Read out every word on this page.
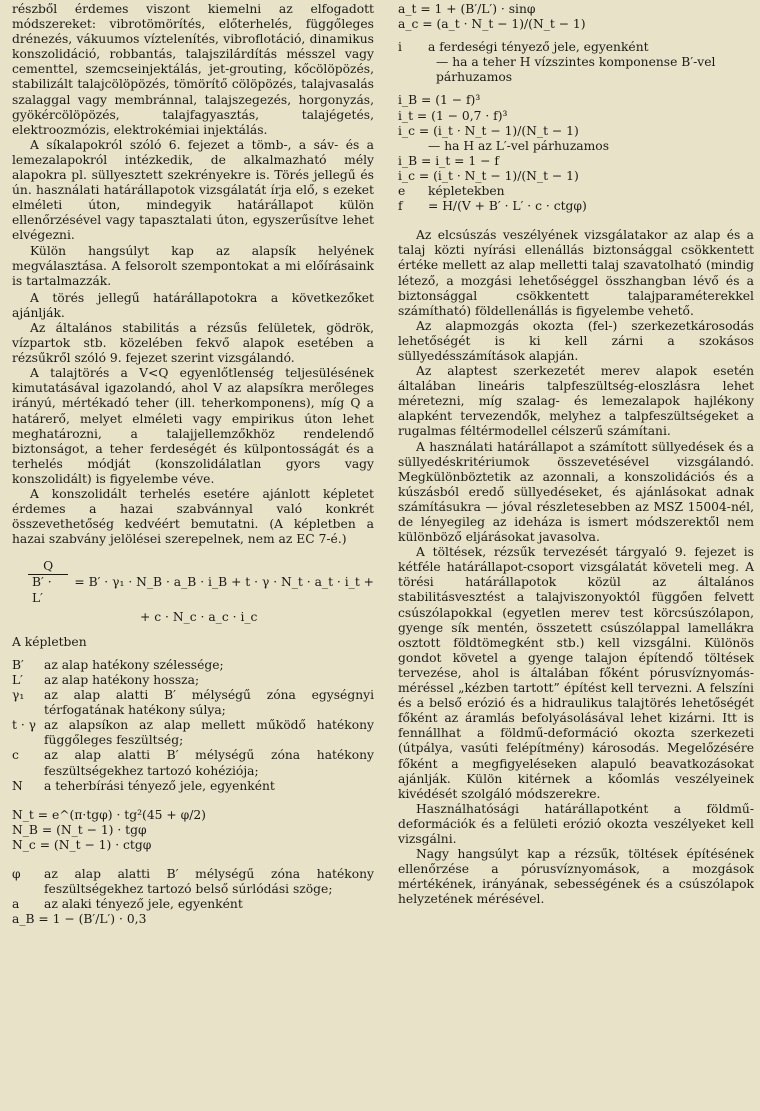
részből érdemes viszont kiemelni az elfogadott módszereket: vibrotömörítés, előterhelés, függőleges drénezés, vákuumos víztelenítés, vibroflotáció, dinamikus konszolidáció, robbantás, talajszilárdítás mésszel vagy cementtel, szemcseinjektálás, jet-grouting, kőcölöpözés, stabilizált talajcölöpözés, tömörítő cölöpözés, talajvasalás szalaggal vagy membránnal, talajszegezés, horgonyzás, gyökércölöpözés, talajfagyasztás, talajégetés, elektroozmózis, elektrokémiai injektálás.

A síkalapokról szóló 6. fejezet a tömb-, a sáv- és a lemezalapokról intézkedik, de alkalmazható mély alapokra pl. süllyesztett szekrényekre is. Törés jellegű és ún. használati határállapotok vizsgálatát írja elő, s ezeket elméleti úton, mindegyik határállapot külön ellenőrzésével vagy tapasztalati úton, egyszerűsítve lehet elvégezni.

Külön hangsúlyt kap az alapsík helyének megválasztása. A felsorolt szempontokat a mi előírásaink is tartalmazzák.

A törés jellegű határállapotokra a következőket ajánlják.

Az általános stabilitás a rézsűs felületek, gödrök, vízpartok stb. közelében fekvő alapok esetében a rézsűkről szóló 9. fejezet szerint vizsgálandó.

A talajtörés a V<Q egyenlőtlenség teljesülésének kimutatásával igazolandó, ahol V az alapsíkra merőleges irányú, mértékadó teher (ill. teherkomponens), míg Q a határerő, melyet elméleti vagy empirikus úton lehet meghatározni, a talajjellemzőkhöz rendelendő biztonságot, a teher ferdeségét és külpontosságát és a terhelés módját (konszolidálatlan gyors vagy konszolidált) is figyelembe véve.

A konszolidált terhelés esetére ajánlott képletet érdemes a hazai szabvánnyal való konkrét összevethetőség kedvéért bemutatni. (A képletben a hazai szabvány jelölései szerepelnek, nem az EC 7-é.)

$\frac{Q}{B' \cdot L'} = B' \cdot \gamma_1$ · N_B · a_B · i_B + t · γ · N_t · a_t · i_t +
+ c · N_c · a_c · i_c

A képletben

B′	az alap hatékony szélessége;
L′	az alap hatékony hossza;
γ₁	az alap alatti B′ mélységű zóna egységnyi térfogatának hatékony súlya;
t · γ az alapsíkon az alap mellett működő hatékony függőleges feszültség;
c	az alap alatti B′ mélységű zóna hatékony feszültségekhez tartozó kohéziója;
N	a teherbírási tényező jele, egyenként
N_t = e^(π·tgφ) · tg²(45 + φ/2)
N_B = (N_t − 1) · tgφ
N_c = (N_t − 1) · ctgφ
φ	az alap alatti B′ mélységű zóna hatékony feszültségekhez tartozó belső súrlódási szöge;
a	az alaki tényező jele, egyenként
a_B = 1 − (B′/L′) · 0,3
a_t = 1 + (B′/L′) · sinφ
a_c = (a_t · N_t − 1)/(N_t − 1)
i	a ferdeségi tényező jele, egyenként
— ha a teher H vízszintes komponense B′-vel párhuzamos
i_B = (1 − f)³
i_t = (1 − 0,7 · f)³
i_c = (i_t · N_t − 1)/(N_t − 1)
— ha H az L′-vel párhuzamos
i_B = i_t = 1 − f
i_c = (i_t · N_t − 1)/(N_t − 1)
e	képletekben
f	= H/(V + B′ · L′ · c · ctgφ)

Az elcsúszás veszélyének vizsgálatakor az alap és a talaj közti nyírási ellenállás biztonsággal csökkentett értéke mellett az alap melletti talaj szavatolható (mindig létező, a mozgási lehetőséggel összhangban lévő és a biztonsággal csökkentett talajparaméterekkel számítható) földellenállás is figyelembe vehető.

Az alapmozgás okozta (fel-) szerkezetkárosodás lehetőségét is ki kell zárni a szokásos süllyedésszámítások alapján.

Az alaptest szerkezetét merev alapok esetén általában lineáris talpfeszültség-eloszlásra lehet méretezni, míg szalag- és lemezalapok hajlékony alapként tervezendők, melyhez a talpfeszültségeket a rugalmas féltérmodellel célszerű számítani.

A használati határállapot a számított süllyedések és a süllyedéskritériumok összevetésével vizsgálandó. Megkülönböztetik az azonnali, a konszolidációs és a kúszásból eredő süllyedéseket, és ajánlásokat adnak számításukra — jóval részletesebben az MSZ 15004-nél, de lényegileg az ideháza is ismert módszerektől nem különböző eljárásokat javasolva.

A töltések, rézsűk tervezését tárgyaló 9. fejezet is kétféle határállapot-csoport vizsgálatát követeli meg. A törési határállapotok közül az általános stabilitásvesztést a talajviszonyoktól függően felvett csúszólapokkal (egyetlen merev test körcsúszólapon, gyenge sík mentén, összetett csúszólappal lamellákra osztott földtömegként stb.) kell vizsgálni. Különös gondot követel a gyenge talajon építendő töltések tervezése, ahol is általában főként pórusvíznyomás-méréssel „kézben tartott” építést kell tervezni. A felszíni és a belső erózió és a hidraulikus talajtörés lehetőségét főként az áramlás befolyásolásával lehet kizárni. Itt is fennállhat a földmű-deformáció okozta szerkezeti (útpálya, vasúti felépítmény) károsodás. Megelőzésére főként a megfigyeléseken alapuló beavatkozásokat ajánlják. Külön kitérnek a kőomlás veszélyeinek kivédését szolgáló módszerekre.

Használhatósági határállapotként a földmű-deformációk és a felületi erózió okozta veszélyeket kell vizsgálni.

Nagy hangsúlyt kap a rézsűk, töltések építésének ellenőrzése a pórusvíznyomások, a mozgások mértékének, irányának, sebességének és a csúszólapok helyzetének mérésével.
